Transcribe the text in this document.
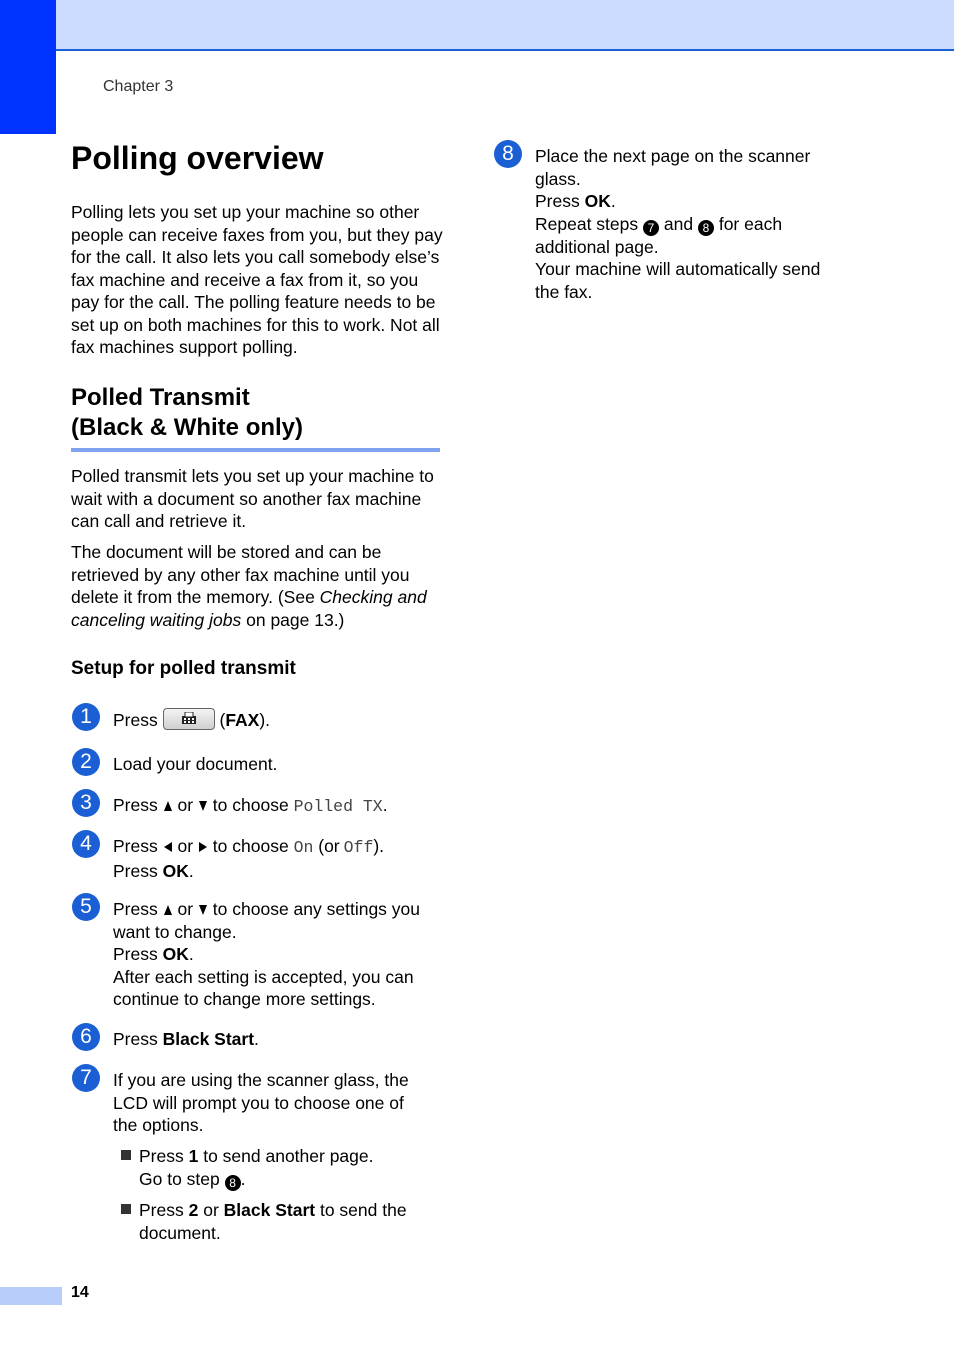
Chapter 3
Polling overview

Polling lets you set up your machine so other people can receive faxes from you, but they pay for the call. It also lets you call somebody else’s fax machine and receive a fax from it, so you pay for the call. The polling feature needs to be set up on both machines for this to work. Not all fax machines support polling.

Polled Transmit
(Black & White only)

Polled transmit lets you set up your machine to wait with a document so another fax machine can call and retrieve it.

The document will be stored and can be retrieved by any other fax machine until you delete it from the memory. (See Checking and canceling waiting jobs on page 13.)

Setup for polled transmit
1	Press	(FAX).
2	Load your document.
3	Press or to choose Polled TX.
4	Press or to choose On (or Off).
Press OK.
5	Press or to choose any settings you
want to change.
Press OK.
After each setting is accepted, you can
continue to change more settings.
6	Press Black Start.
7	If you are using the scanner glass, the
LCD will prompt you to choose one of
the options.
Press 1 to send another page.
Go to step 8 .
Press 2 or Black Start to send the
document.
8	Place the next page on the scanner
glass.
Press OK.
Repeat steps 7 and 8 for each
additional page.
Your machine will automatically send
the fax.
14
